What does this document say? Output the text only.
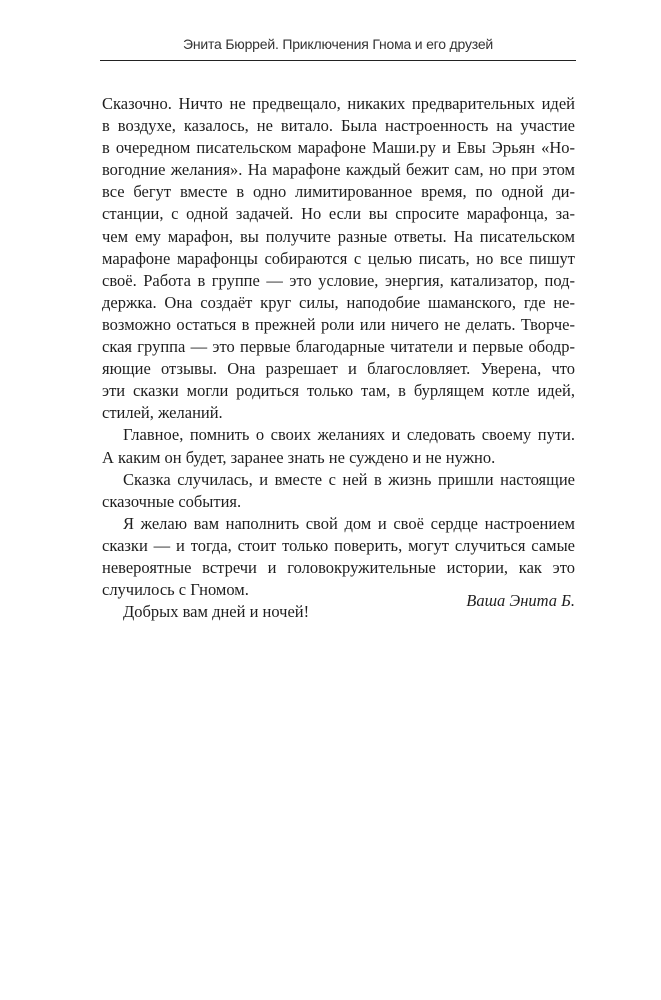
Энита Бюррей. Приключения Гнома и его друзей
Сказочно. Ничто не предвещало, никаких предварительных идей
в воздухе, казалось, не витало. Была настроенность на участие
в очередном писательском марафоне Маши.ру и Евы Эрьян «Но-
вогодние желания». На марафоне каждый бежит сам, но при этом
все бегут вместе в одно лимитированное время, по одной ди-
станции, с одной задачей. Но если вы спросите марафонца, за-
чем ему марафон, вы получите разные ответы. На писательском
марафоне марафонцы собираются с целью писать, но все пишут
своё. Работа в группе — это условие, энергия, катализатор, под-
держка. Она создаёт круг силы, наподобие шаманского, где не-
возможно остаться в прежней роли или ничего не делать. Творче-
ская группа — это первые благодарные читатели и первые ободр-
яющие отзывы. Она разрешает и благословляет. Уверена, что
эти сказки могли родиться только там, в бурлящем котле идей,
стилей, желаний.
Главное, помнить о своих желаниях и следовать своему пути.
А каким он будет, заранее знать не суждено и не нужно.
Сказка случилась, и вместе с ней в жизнь пришли настоящие
сказочные события.
Я желаю вам наполнить свой дом и своё сердце настроением
сказки — и тогда, стоит только поверить, могут случиться самые
невероятные встречи и головокружительные истории, как это
случилось с Гномом.
Добрых вам дней и ночей!
Ваша Энита Б.
